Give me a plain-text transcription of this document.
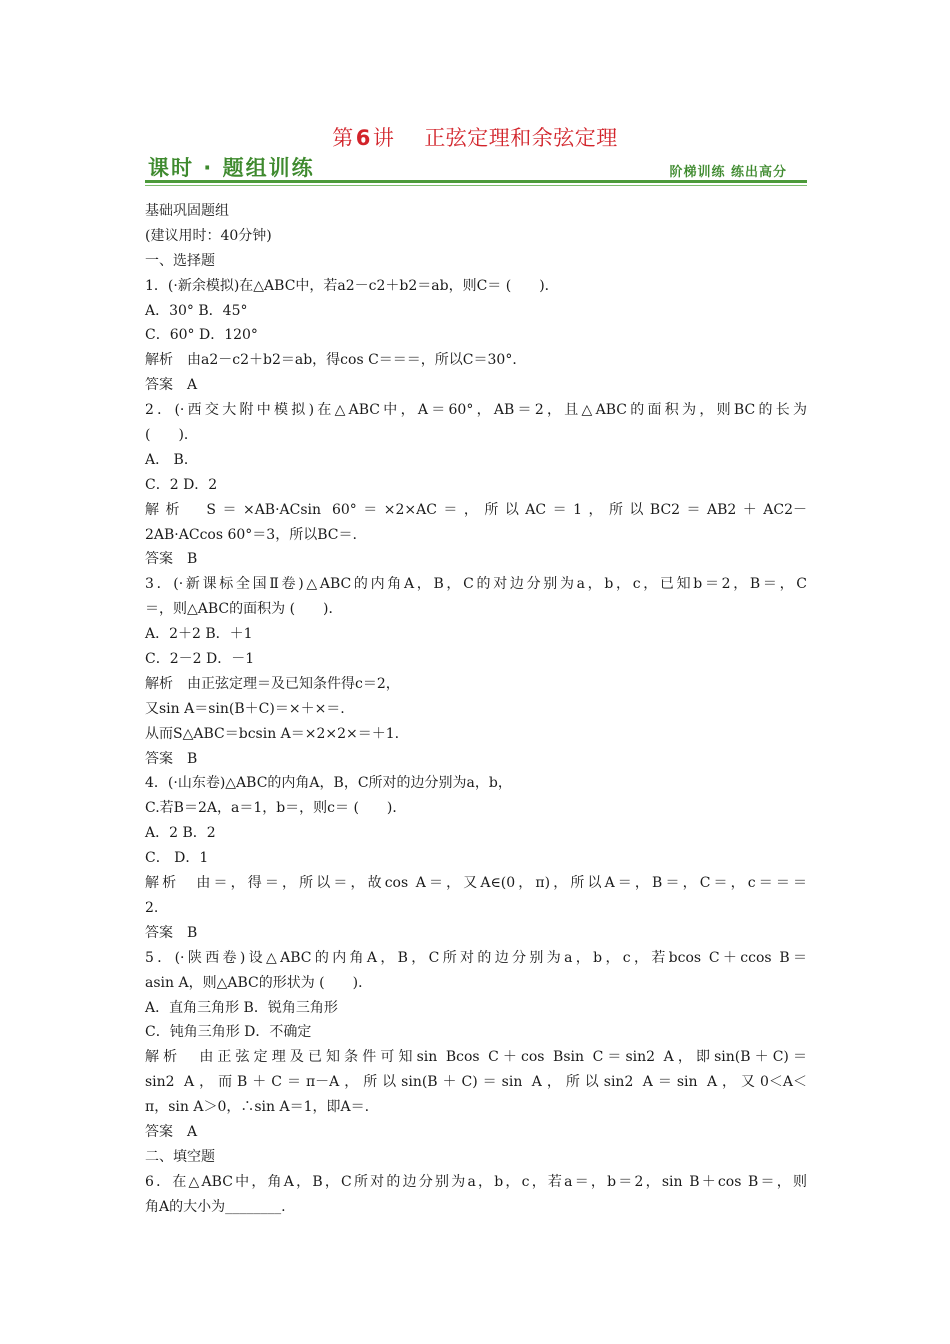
第6讲 正弦定理和余弦定理
课时 · 题组训练	阶梯训练 练出高分
基础巩固题组
(建议用时：40分钟)
一、选择题
1．(·新余模拟)在△ABC中，若a2－c2＋b2＝ab，则C＝ (　　)．
A．30° B．45°
C．60° D．120°
解析　由a2－c2＋b2＝ab，得cos C＝＝＝，所以C＝30°．
答案　A
2．(·西交大附中模拟)在△ABC中，A＝60°，AB＝2，且△ABC的面积为，则BC的长为
(　　)．
A． B．
C．2 D．2
解析　S＝×AB·ACsin 60°＝×2×AC＝，所以AC＝1，所以BC2＝AB2＋AC2－
2AB·ACcos 60°＝3，所以BC＝.
答案　B
3．(·新课标全国Ⅱ卷)△ABC的内角A，B，C的对边分别为a，b，c，已知b＝2，B＝，C
＝，则△ABC的面积为 (　　)．
A．2＋2 B．＋1
C．2－2 D．－1
解析　由正弦定理＝及已知条件得c＝2，
又sin A＝sin(B＋C)＝×＋×＝.
从而S△ABC＝bcsin A＝×2×2×＝＋1.
答案　B
4．(·山东卷)△ABC的内角A，B，C所对的边分别为a，b，
C.若B＝2A，a＝1，b＝，则c＝ (　　)．
A．2 B．2
C． D．1
解析　由＝，得＝，所以＝，故cos A＝，又A∈(0，π)，所以A＝，B＝，C＝，c＝＝＝
2.
答案　B
5．(·陕西卷)设△ABC的内角A，B，C所对的边分别为a，b，c，若bcos C＋ccos B＝
asin A，则△ABC的形状为 (　　)．
A．直角三角形 B．锐角三角形
C．钝角三角形 D．不确定
解析　由正弦定理及已知条件可知sin Bcos C＋cos Bsin C＝sin2 A，即sin(B＋C)＝
sin2 A，而B＋C＝π－A，所以sin(B＋C)＝sin A，所以sin2 A＝sin A，又0＜A＜
π，sin A＞0，∴sin A＝1，即A＝.
答案　A
二、填空题
6．在△ABC中，角A，B，C所对的边分别为a，b，c，若a＝，b＝2，sin B＋cos B＝，则
角A的大小为________.
